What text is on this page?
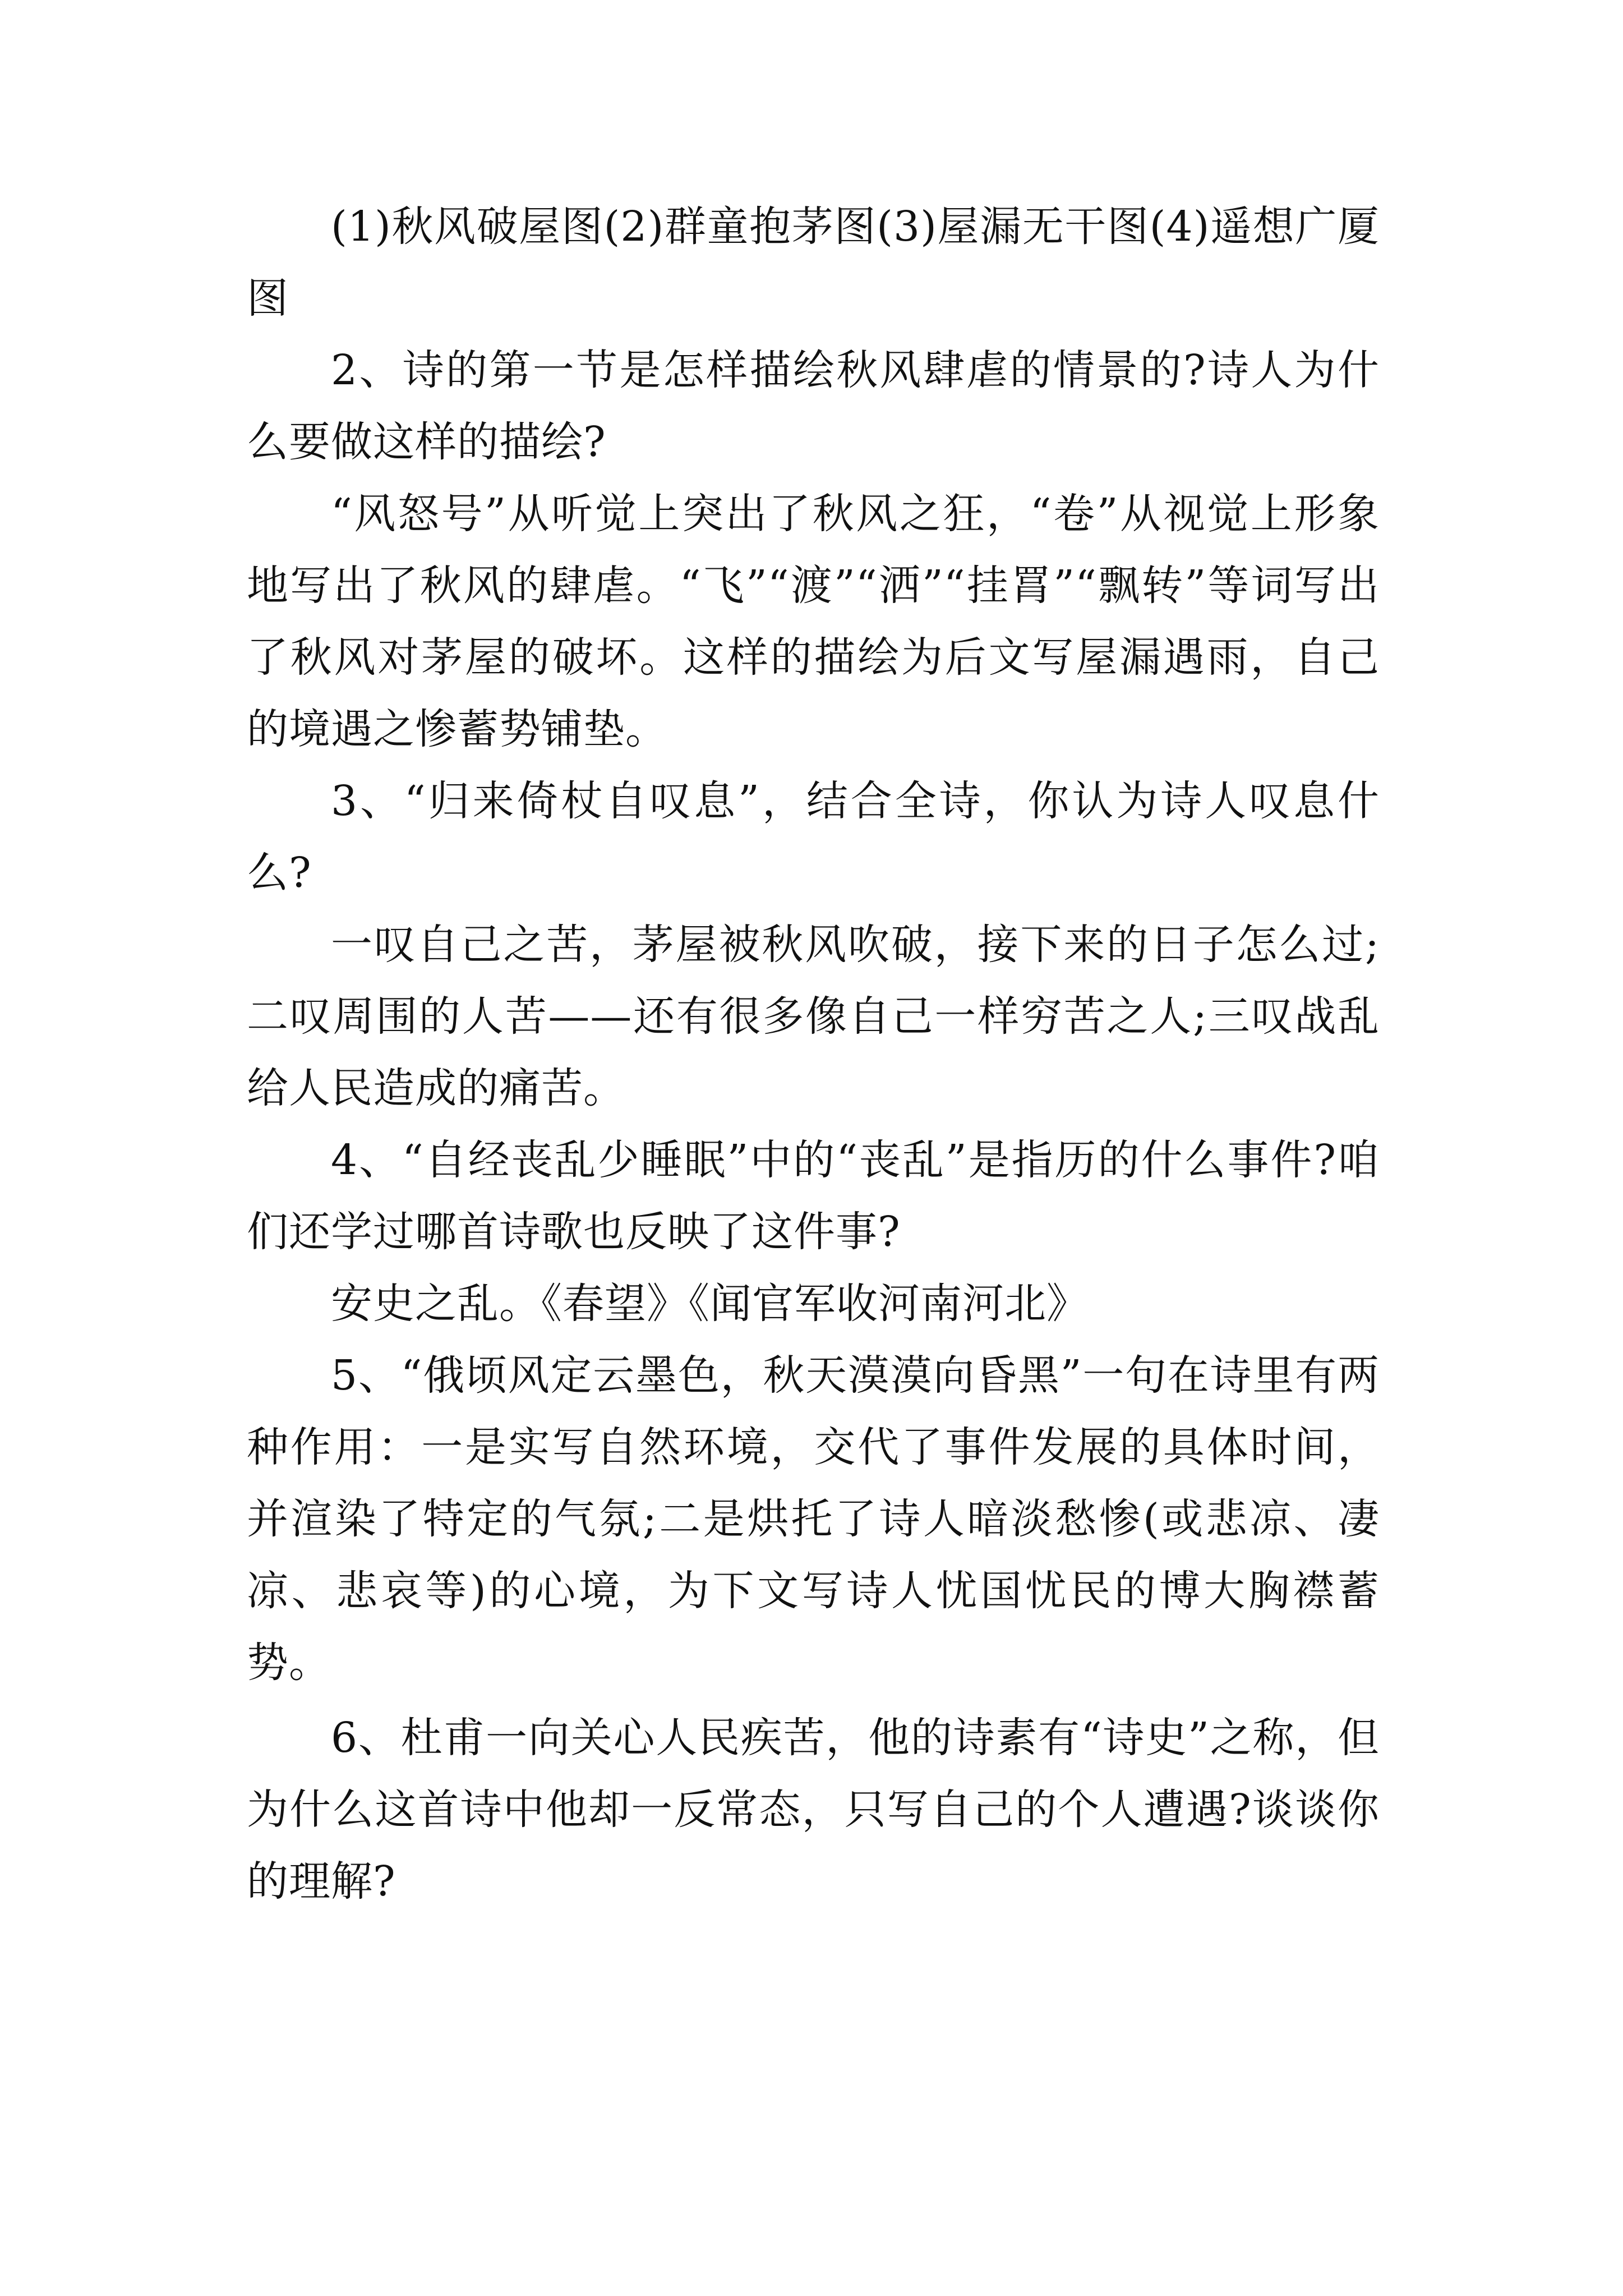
(1)秋风破屋图(2)群童抱茅图(3)屋漏无干图(4)遥想广厦图

2、诗的第一节是怎样描绘秋风肆虐的情景的?诗人为什么要做这样的描绘?

“风怒号”从听觉上突出了秋风之狂，“卷”从视觉上形象地写出了秋风的肆虐。“飞”“渡”“洒”“挂罥”“飘转”等词写出了秋风对茅屋的破坏。这样的描绘为后文写屋漏遇雨，自己的境遇之惨蓄势铺垫。

3、“归来倚杖自叹息”，结合全诗，你认为诗人叹息什么?

一叹自己之苦，茅屋被秋风吹破，接下来的日子怎么过;二叹周围的人苦——还有很多像自己一样穷苦之人;三叹战乱给人民造成的痛苦。

4、“自经丧乱少睡眠”中的“丧乱”是指历的什么事件?咱们还学过哪首诗歌也反映了这件事?

安史之乱。《春望》《闻官军收河南河北》

5、“俄顷风定云墨色，秋天漠漠向昏黑”一句在诗里有两种作用：一是实写自然环境，交代了事件发展的具体时间，并渲染了特定的气氛;二是烘托了诗人暗淡愁惨(或悲凉、凄凉、悲哀等)的心境，为下文写诗人忧国忧民的博大胸襟蓄势。

6、杜甫一向关心人民疾苦，他的诗素有“诗史”之称，但为什么这首诗中他却一反常态，只写自己的个人遭遇?谈谈你的理解?
